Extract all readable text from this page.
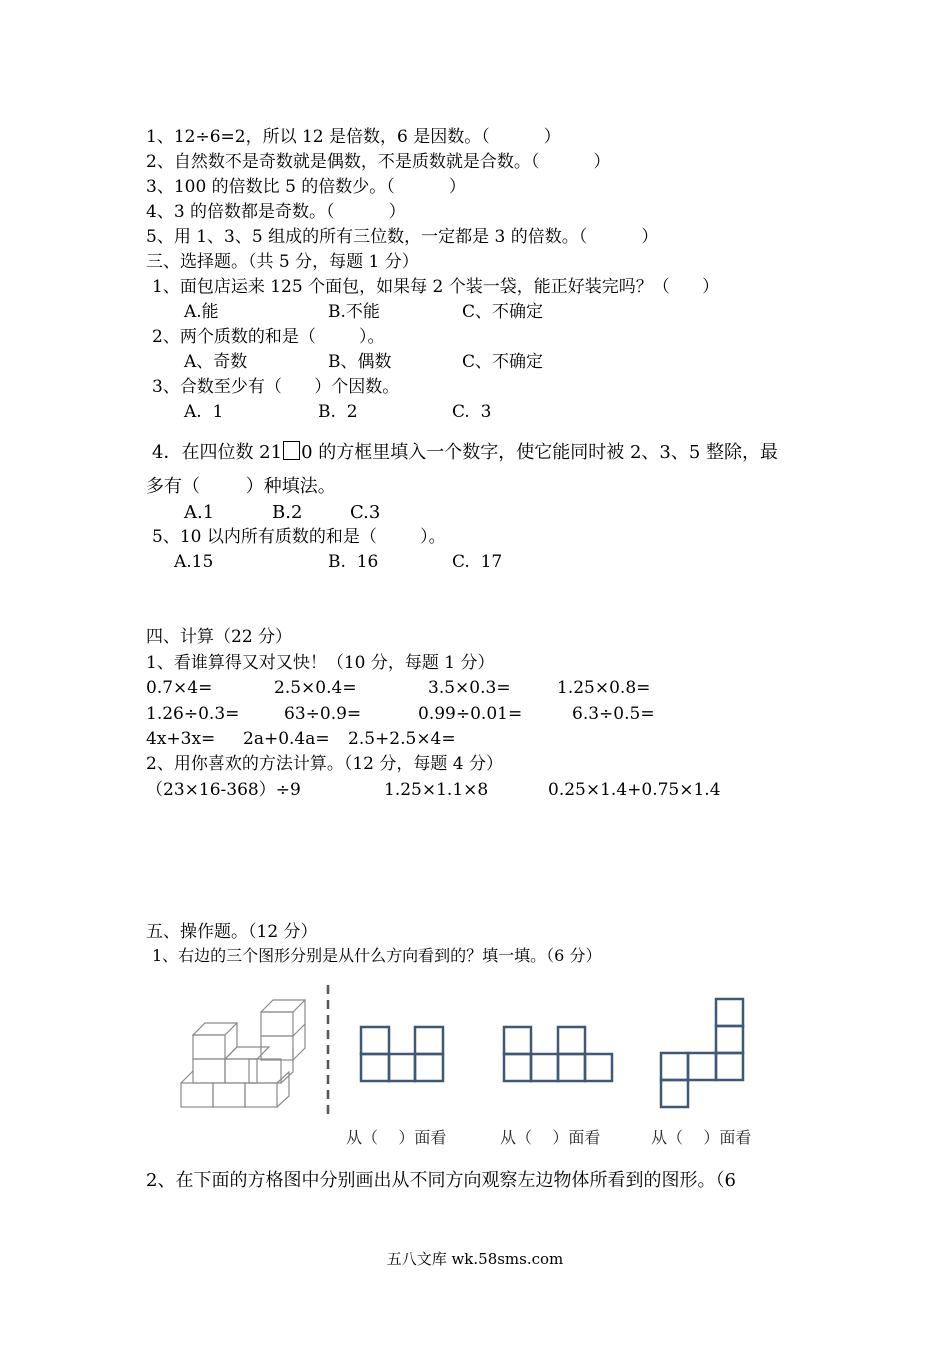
1、12÷6=2，所以 12 是倍数，6 是因数。（          ）
2、自然数不是奇数就是偶数，不是质数就是合数。（          ）
3、100 的倍数比 5 的倍数少。（          ）
4、3 的倍数都是奇数。（          ）
5、用 1、3、5 组成的所有三位数，一定都是 3 的倍数。（          ）
三、选择题。（共 5 分，每题 1 分）
1、面包店运来 125 个面包，如果每 2 个装一袋，能正好装完吗？（      ）
A.能	B.不能	C、不确定
2、两个质数的和是（        ）。
A、奇数	B、偶数	C、不确定
3、合数至少有（      ）个因数。
A.  1	B.  2	C.  3
4．在四位数 21 0 的方框里填入一个数字，使它能同时被 2、3、5 整除，最
多有（        ）种填法。
A.1	B.2	C.3
5、10 以内所有质数的和是（        ）。
A.15	B.  16	C.  17
四、计算（22 分）
1、看谁算得又对又快！（10 分，每题 1 分）
0.7×4=	2.5×0.4=	3.5×0.3=	1.25×0.8=
1.26÷0.3=	63÷0.9=	0.99÷0.01=	6.3÷0.5=
4x+3x= 2a+0.4a= 2.5+2.5×4=
2、用你喜欢的方法计算。（12 分，每题 4 分）
（23×16-368）÷9	1.25×1.1×8	0.25×1.4+0.75×1.4
五、操作题。（12 分）
1、右边的三个图形分别是从什么方向看到的？填一填。（6 分）
从（    ）面看	从（    ）面看	从（    ）面看
2、在下面的方格图中分别画出从不同方向观察左边物体所看到的图形。（6
五八文库 wk.58sms.com
